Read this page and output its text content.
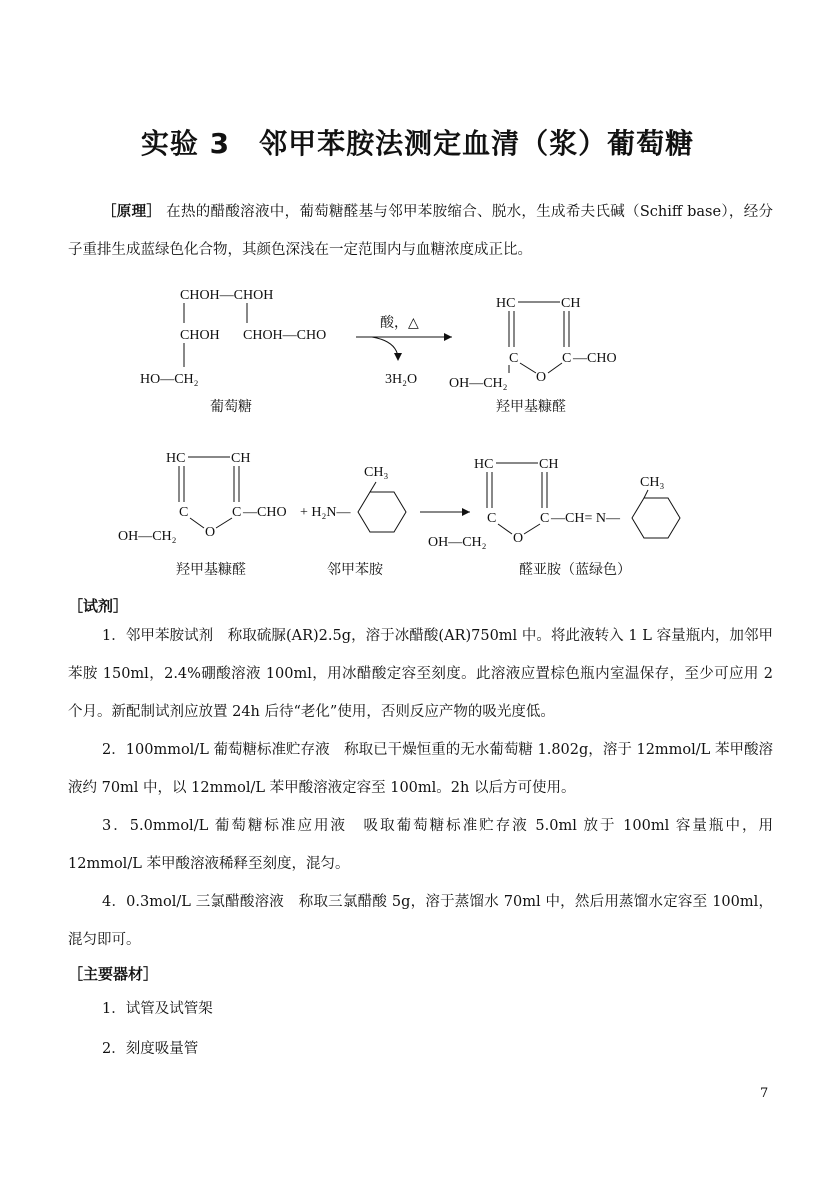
实验 3　邻甲苯胺法测定血清（浆）葡萄糖
［原理］ 在热的醋酸溶液中，葡萄糖醛基与邻甲苯胺缩合、脱水，生成希夫氏碱（Schiff base），经分子重排生成蓝绿色化合物，其颜色深浅在一定范围内与血糖浓度成正比。
CHOH—CHOH
CHOH CHOH—CHO
HO—CH₂
酸，△
3H₂O
HC	CH
C	C
O
—CHO
OH—CH₂
葡萄糖	羟甲基糠醛
HC	CH
C	C
O
—CHO
OH—CH₂
+ H₂N—
CH₃
HC	CH
C	C
O
—CH= N—
OH—CH₂
CH₃
羟甲基糠醛	邻甲苯胺	醛亚胺（蓝绿色）
［试剂］
1．邻甲苯胺试剂　称取硫脲(AR)2.5g，溶于冰醋酸(AR)750ml 中。将此液转入 1 L 容量瓶内，加邻甲苯胺 150ml，2.4%硼酸溶液 100ml，用冰醋酸定容至刻度。此溶液应置棕色瓶内室温保存，至少可应用 2 个月。新配制试剂应放置 24h 后待“老化”使用，否则反应产物的吸光度低。
2．100mmol/L 葡萄糖标准贮存液　称取已干燥恒重的无水葡萄糖 1.802g，溶于 12mmol/L 苯甲酸溶液约 70ml 中，以 12mmol/L 苯甲酸溶液定容至 100ml。2h 以后方可使用。
3．5.0mmol/L 葡萄糖标准应用液　吸取葡萄糖标准贮存液 5.0ml 放于 100ml 容量瓶中，用 12mmol/L 苯甲酸溶液稀释至刻度，混匀。
4．0.3mol/L 三氯醋酸溶液　称取三氯醋酸 5g，溶于蒸馏水 70ml 中，然后用蒸馏水定容至 100ml，混匀即可。
［主要器材］
1．试管及试管架
2．刻度吸量管
7
